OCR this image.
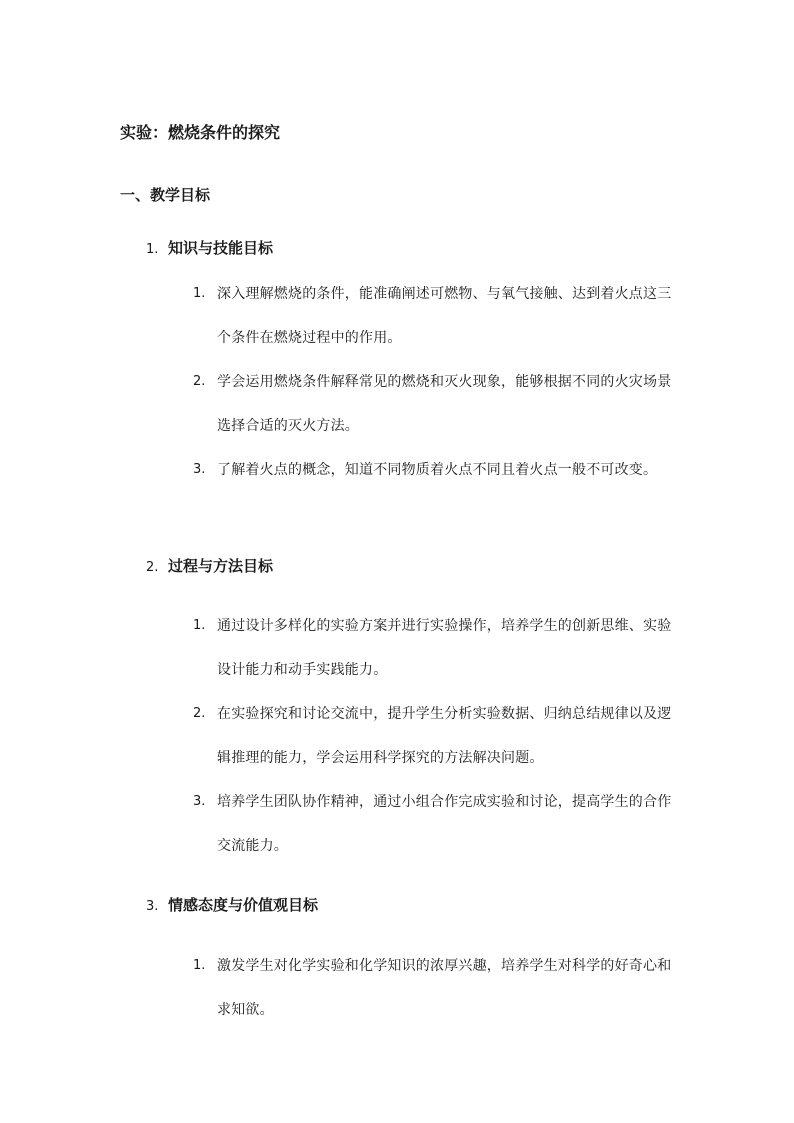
实验：燃烧条件的探究
一、教学目标
1. 知识与技能目标
1. 深入理解燃烧的条件，能准确阐述可燃物、与氧气接触、达到着火点这三个条件在燃烧过程中的作用。
2. 学会运用燃烧条件解释常见的燃烧和灭火现象，能够根据不同的火灾场景选择合适的灭火方法。
3. 了解着火点的概念，知道不同物质着火点不同且着火点一般不可改变。
2. 过程与方法目标
1. 通过设计多样化的实验方案并进行实验操作，培养学生的创新思维、实验设计能力和动手实践能力。
2. 在实验探究和讨论交流中，提升学生分析实验数据、归纳总结规律以及逻辑推理的能力，学会运用科学探究的方法解决问题。
3. 培养学生团队协作精神，通过小组合作完成实验和讨论，提高学生的合作交流能力。
3. 情感态度与价值观目标
1. 激发学生对化学实验和化学知识的浓厚兴趣，培养学生对科学的好奇心和求知欲。
